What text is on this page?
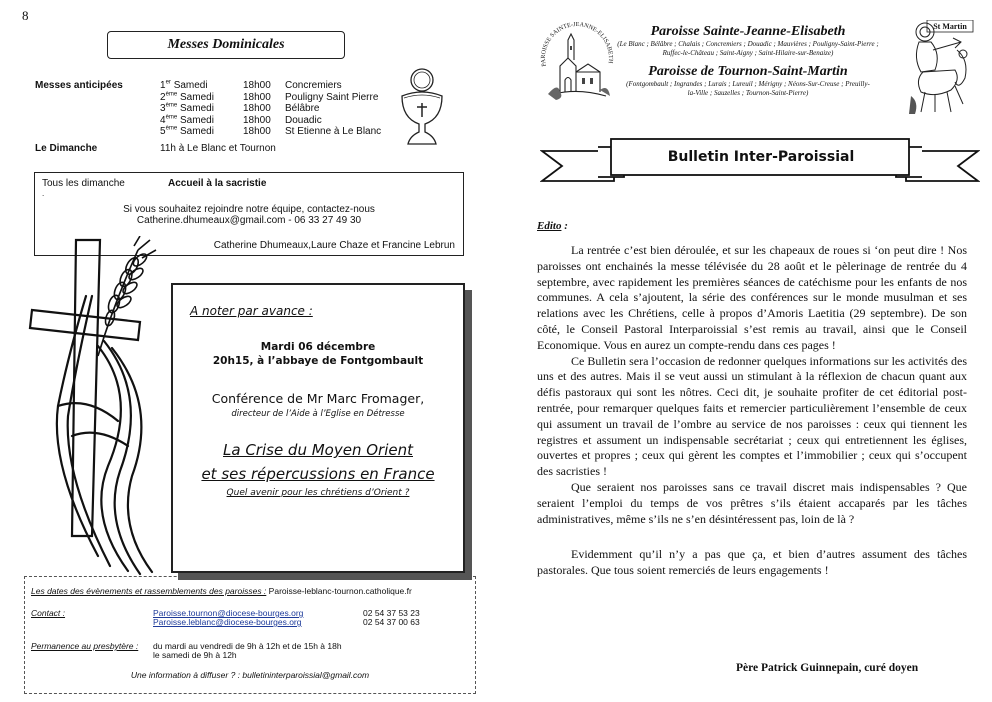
8
Messes Dominicales
Messes anticipées	1er Samedi	18h00	Concremiers
2ème Samedi	18h00	Pouligny Saint Pierre
3ème Samedi	18h00	Bélâbre
4ème Samedi	18h00	Douadic
5ème Samedi	18h00	St Etienne à Le Blanc
Le Dimanche	11h à Le Blanc et Tournon
Tous les dimanche	Accueil à la sacristie
.
Si vous souhaitez rejoindre notre équipe, contactez-nous
Catherine.dhumeaux@gmail.com - 06 33 27 49 30
Catherine Dhumeaux,Laure Chaze et Francine Lebrun
A noter par avance :
Mardi 06 décembre
20h15, à l’abbaye de Fontgombault
Conférence de Mr Marc Fromager,
directeur de l’Aide à l’Eglise en Détresse
La Crise du Moyen Orient
et ses répercussions en France
Quel avenir pour les chrétiens d’Orient ?
Les dates des évènements et rassemblements des paroisses : Paroisse-leblanc-tournon.catholique.fr
Contact :	Paroisse.tournon@diocese-bourges.org	02 54 37 53 23
Paroisse.leblanc@diocese-bourges.org	02 54 37 00 63
Permanence au presbytère : du mardi au vendredi de 9h à 12h et de 15h à 18h
le samedi de 9h à 12h
Une information à diffuser ? : bulletininterparoissial@gmail.com
PAROISSE SAINTE-JEANNE-ELISABETH
Paroisse Sainte-Jeanne-Elisabeth
(Le Blanc ; Bélâbre ; Chalais ; Concremiers ; Douadic ; Mauvières ; Pouligny-Saint-Pierre ; Ruffec-le-Château ; Saint-Aigny ; Saint-Hilaire-sur-Benaize)
Paroisse de Tournon-Saint-Martin
(Fontgombault ; Ingrandes ; Lurais ; Lureuil ; Mérigny ; Néons-Sur-Creuse ; Preuilly-la-Ville ; Sauzelles ; Tournon-Saint-Pierre)
St Martin
Bulletin Inter-Paroissial
Edito :

La rentrée c’est bien déroulée, et sur les chapeaux de roues si ‘on peut dire ! Nos paroisses ont enchainés la messe télévisée du 28 août et le pèlerinage de rentrée du 4 septembre, avec rapidement les premières séances de catéchisme pour les enfants de nos communes. A cela s’ajoutent, la série des conférences sur le monde musulman et ses relations avec les Chrétiens, celle à propos d’Amoris Laetitia (29 septembre). De son côté, le Conseil Pastoral Interparoissial s’est remis au travail, ainsi que le Conseil Economique. Vous en aurez un compte-rendu dans ces pages !

Ce Bulletin sera l’occasion de redonner quelques informations sur les activités des uns et des autres. Mais il se veut aussi un stimulant à la réflexion de chacun quant aux défis pastoraux qui sont les nôtres. Ceci dit, je souhaite profiter de cet éditorial post-rentrée, pour remarquer quelques faits et remercier particulièrement l’ensemble de ceux qui assument un travail de l’ombre au service de nos paroisses : ceux qui tiennent les registres et assument un indispensable secrétariat ; ceux qui entretiennent les églises, ouvertes et propres ; ceux qui gèrent les comptes et l’immobilier ; ceux qui s’occupent des sacristies !

Que seraient nos paroisses sans ce travail discret mais indispensables ? Que seraient l’emploi du temps de vos prêtres s’ils étaient accaparés par les tâches administratives, même s’ils ne s’en désintéressent pas, loin de là ?

Evidemment qu’il n’y a pas que ça, et bien d’autres assument des tâches pastorales. Que tous soient remerciés de leurs engagements !

Père Patrick Guinnepain, curé doyen
